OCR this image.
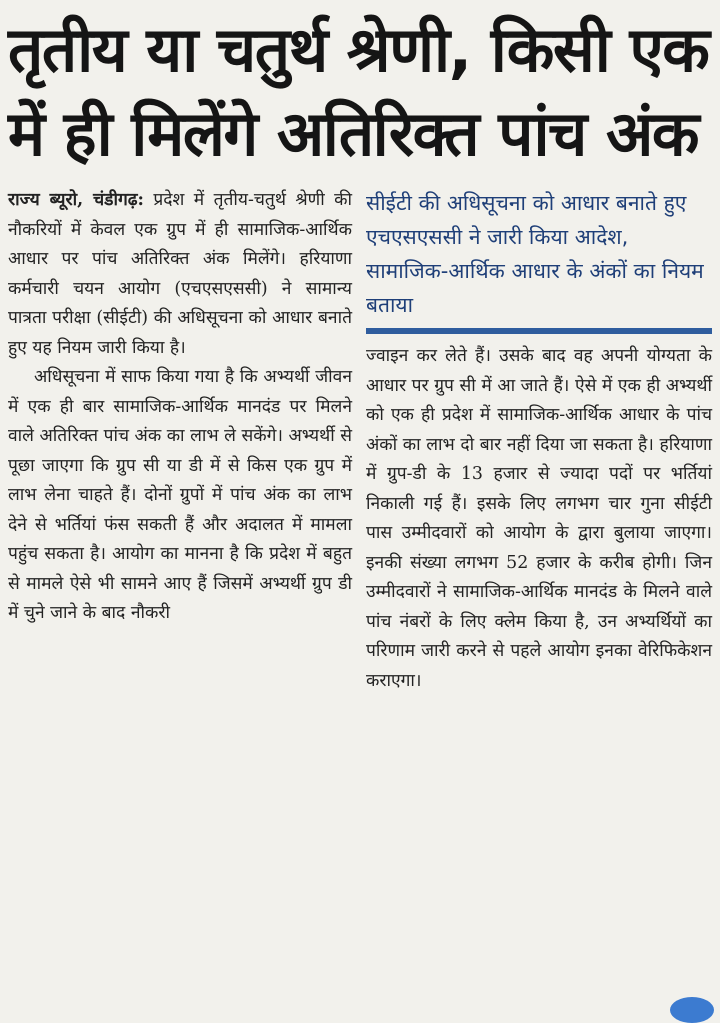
तृतीय या चतुर्थ श्रेणी, किसी एक
में ही मिलेंगे अतिरिक्त पांच अंक

राज्य ब्यूरो, चंडीगढ़: प्रदेश में तृतीय-चतुर्थ श्रेणी की नौकरियों में केवल एक ग्रुप में ही सामाजिक-आर्थिक आधार पर पांच अतिरिक्त अंक मिलेंगे। हरियाणा कर्मचारी चयन आयोग (एचएसएससी) ने सामान्य पात्रता परीक्षा (सीईटी) की अधिसूचना को आधार बनाते हुए यह नियम जारी किया है।

अधिसूचना में साफ किया गया है कि अभ्यर्थी जीवन में एक ही बार सामाजिक-आर्थिक मानदंड पर मिलने वाले अतिरिक्त पांच अंक का लाभ ले सकेंगे। अभ्यर्थी से पूछा जाएगा कि ग्रुप सी या डी में से किस एक ग्रुप में लाभ लेना चाहते हैं। दोनों ग्रुपों में पांच अंक का लाभ देने से भर्तियां फंस सकती हैं और अदालत में मामला पहुंच सकता है। आयोग का मानना है कि प्रदेश में बहुत से मामले ऐसे भी सामने आए हैं जिसमें अभ्यर्थी ग्रुप डी में चुने जाने के बाद नौकरी

सीईटी की अधिसूचना को आधार बनाते हुए एचएसएससी ने जारी किया आदेश, सामाजिक-आर्थिक आधार के अंकों का नियम बताया

ज्वाइन कर लेते हैं। उसके बाद वह अपनी योग्यता के आधार पर ग्रुप सी में आ जाते हैं। ऐसे में एक ही अभ्यर्थी को एक ही प्रदेश में सामाजिक-आर्थिक आधार के पांच अंकों का लाभ दो बार नहीं दिया जा सकता है। हरियाणा में ग्रुप-डी के 13 हजार से ज्यादा पदों पर भर्तियां निकाली गई हैं। इसके लिए लगभग चार गुना सीईटी पास उम्मीदवारों को आयोग के द्वारा बुलाया जाएगा। इनकी संख्या लगभग 52 हजार के करीब होगी। जिन उम्मीदवारों ने सामाजिक-आर्थिक मानदंड के मिलने वाले पांच नंबरों के लिए क्लेम किया है, उन अभ्यर्थियों का परिणाम जारी करने से पहले आयोग इनका वेरिफिकेशन कराएगा।
